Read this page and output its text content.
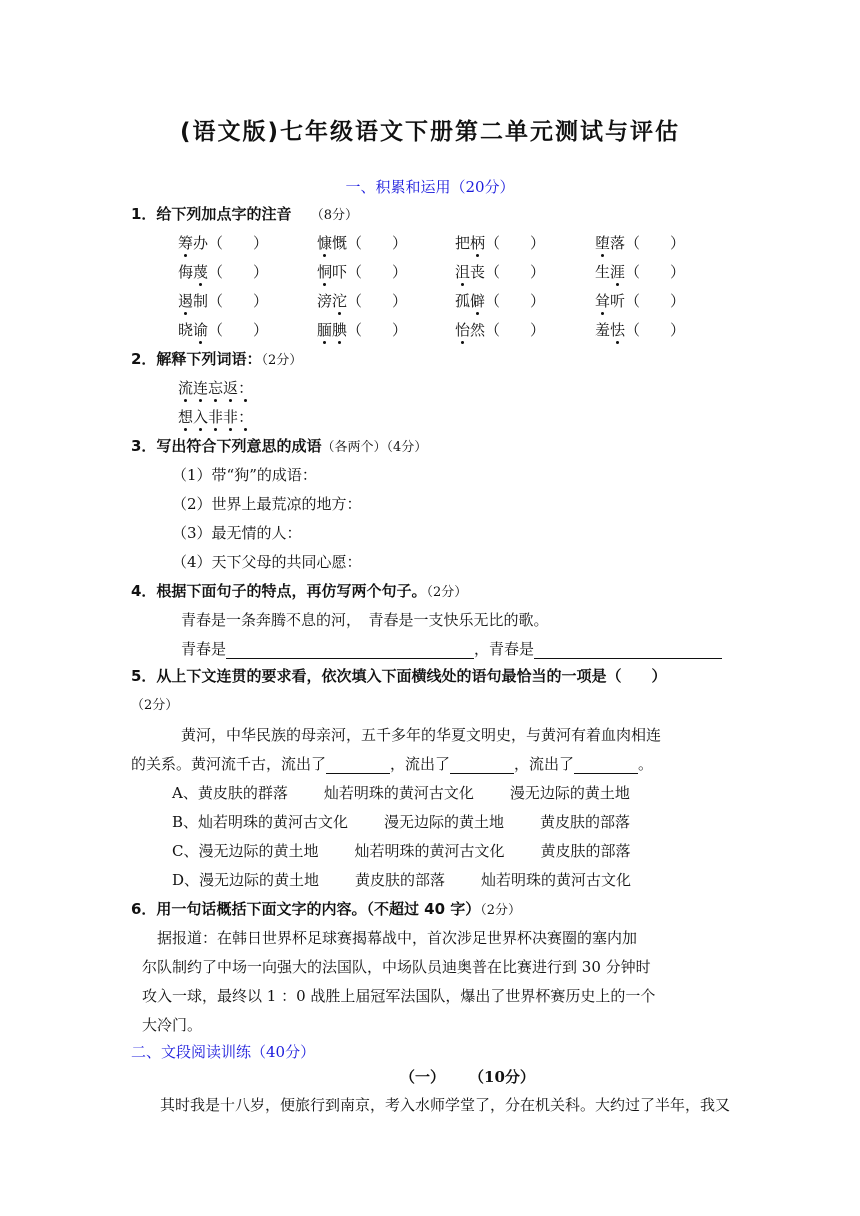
(语文版)七年级语文下册第二单元测试与评估
一、积累和运用（20分）
1．给下列加点字的注音 （8分）
筹办（　　）	慷慨（　　）	把柄（　　）	堕落（　　）
侮蔑（　　）	恫吓（　　）	沮丧（　　）	生涯（　　）
遏制（　　）	滂沱（　　）	孤僻（　　）	耸听（　　）
晓谕（　　）	腼腆（　　）	怡然（　　）	羞怯（　　）
2．解释下列词语：（2分）
流连忘返：
想入非非：
3．写出符合下列意思的成语（各两个）（4分）
（1）带“狗”的成语：
（2）世界上最荒凉的地方：
（3）最无情的人：
（4）天下父母的共同心愿：
4．根据下面句子的特点，再仿写两个句子。（2分）
青春是一条奔腾不息的河，　青春是一支快乐无比的歌。
青春是	，青春是
5．从上下文连贯的要求看，依次填入下面横线处的语句最恰当的一项是（　　）
（2分）
黄河，中华民族的母亲河，五千多年的华夏文明史，与黄河有着血肉相连
的关系。黄河流千古，流出了	，流出了	，流出了	。
A、黄皮肤的群落 灿若明珠的黄河古文化 漫无边际的黄土地
B、灿若明珠的黄河古文化 漫无边际的黄土地 黄皮肤的部落
C、漫无边际的黄土地 灿若明珠的黄河古文化 黄皮肤的部落
D、漫无边际的黄土地 黄皮肤的部落 灿若明珠的黄河古文化
6．用一句话概括下面文字的内容。（不超过 40 字）（2分）
据报道：在韩日世界杯足球赛揭幕战中，首次涉足世界杯决赛圈的塞内加
尔队制约了中场一向强大的法国队，中场队员迪奥普在比赛进行到 30 分钟时
攻入一球，最终以 1 ：0 战胜上届冠军法国队，爆出了世界杯赛历史上的一个
大冷门。
二、文段阅读训练（40分）
（一） （10分）
其时我是十八岁，便旅行到南京，考入水师学堂了，分在机关科。大约过了半年，我又
